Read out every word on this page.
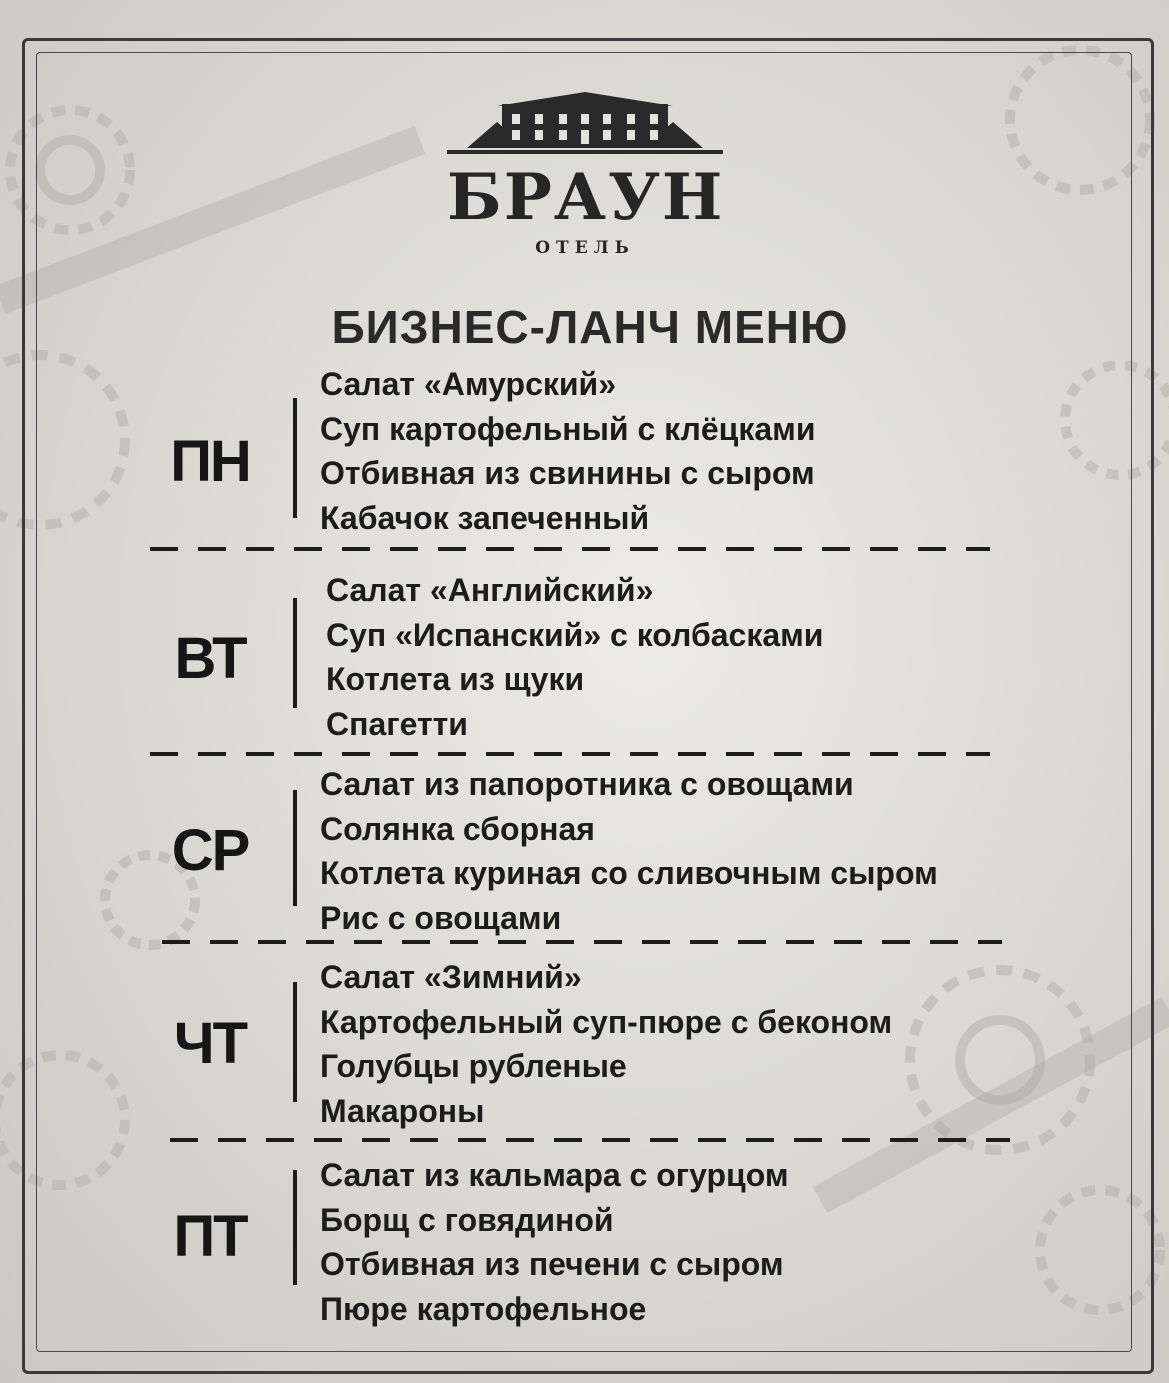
БРАУН
ОТЕЛЬ
БИЗНЕС-ЛАНЧ МЕНЮ
ПН
Салат «Амурский»
Суп картофельный с клёцками
Отбивная из свинины с сыром
Кабачок запеченный
ВТ
Салат «Английский»
Суп «Испанский» с колбасками
Котлета из щуки
Спагетти
СР
Салат из папоротника с овощами
Солянка сборная
Котлета куриная со сливочным сыром
Рис с овощами
ЧТ
Салат «Зимний»
Картофельный суп-пюре с беконом
Голубцы рубленые
Макароны
ПТ
Салат из кальмара с огурцом
Борщ с говядиной
Отбивная из печени с сыром
Пюре картофельное
